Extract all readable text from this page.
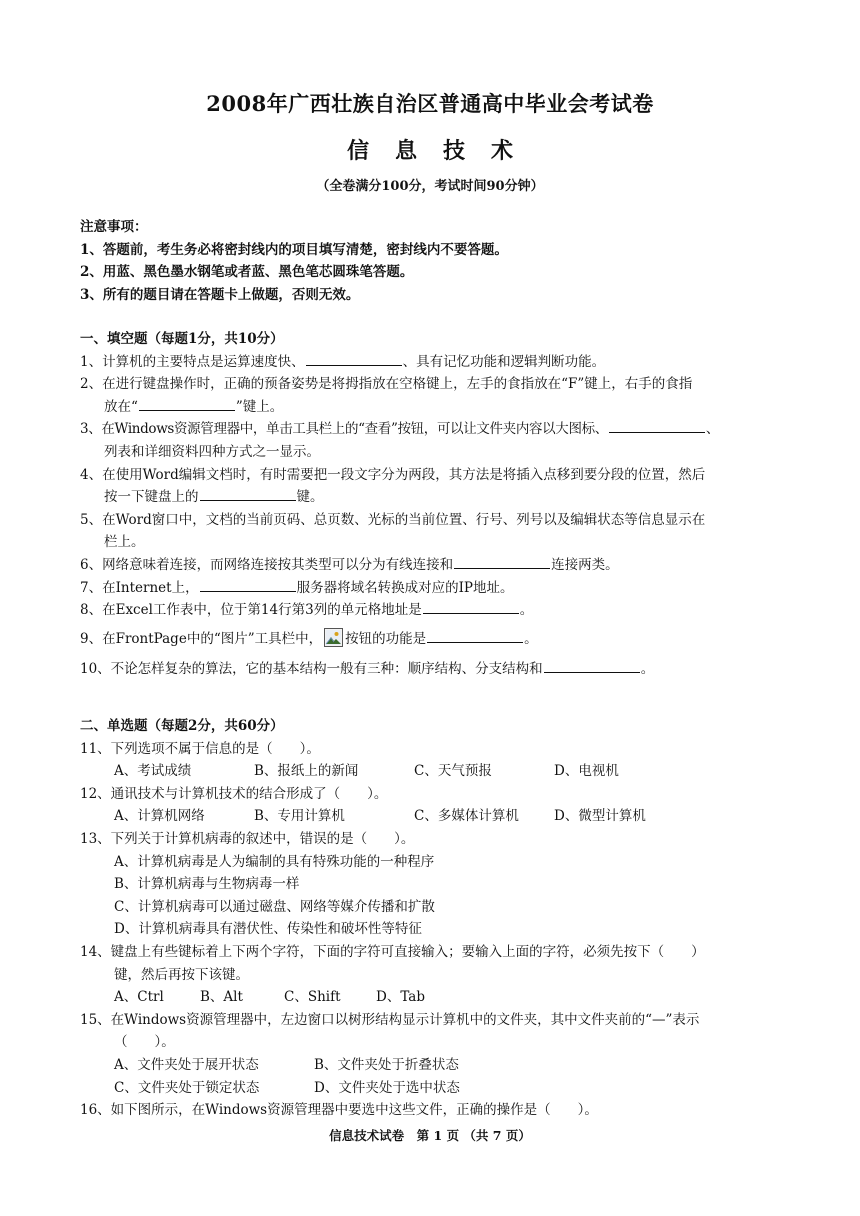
2008年广西壮族自治区普通高中毕业会考试卷
信息技术
（全卷满分100分，考试时间90分钟）
注意事项：
1、答题前，考生务必将密封线内的项目填写清楚，密封线内不要答题。
2、用蓝、黑色墨水钢笔或者蓝、黑色笔芯圆珠笔答题。
3、所有的题目请在答题卡上做题，否则无效。
一、填空题（每题1分，共10分）
1、计算机的主要特点是运算速度快、	、具有记忆功能和逻辑判断功能。
2、在进行键盘操作时，正确的预备姿势是将拇指放在空格键上，左手的食指放在“F”键上，右手的食指
放在“	”键上。
3、在Windows资源管理器中，单击工具栏上的“查看”按钮，可以让文件夹内容以大图标、	、
列表和详细资料四种方式之一显示。
4、在使用Word编辑文档时，有时需要把一段文字分为两段，其方法是将插入点移到要分段的位置，然后
按一下键盘上的	键。
5、在Word窗口中，文档的当前页码、总页数、光标的当前位置、行号、列号以及编辑状态等信息显示在
栏上。
6、网络意味着连接，而网络连接按其类型可以分为有线连接和	连接两类。
7、在Internet上，	服务器将域名转换成对应的IP地址。
8、在Excel工作表中，位于第14行第3列的单元格地址是	。
9、在FrontPage中的“图片”工具栏中， 按钮的功能是	。
10、不论怎样复杂的算法，它的基本结构一般有三种：顺序结构、分支结构和	。
二、单选题（每题2分，共60分）
11、下列选项不属于信息的是（　　）。
A、考试成绩	B、报纸上的新闻	C、天气预报	D、电视机
12、通讯技术与计算机技术的结合形成了（　　）。
A、计算机网络	B、专用计算机	C、多媒体计算机	D、微型计算机
13、下列关于计算机病毒的叙述中，错误的是（　　）。
A、计算机病毒是人为编制的具有特殊功能的一种程序
B、计算机病毒与生物病毒一样
C、计算机病毒可以通过磁盘、网络等媒介传播和扩散
D、计算机病毒具有潜伏性、传染性和破坏性等特征
14、键盘上有些键标着上下两个字符，下面的字符可直接输入；要输入上面的字符，必须先按下（　　）
键，然后再按下该键。
A、Ctrl	B、Alt	C、Shift	D、Tab
15、在Windows资源管理器中，左边窗口以树形结构显示计算机中的文件夹，其中文件夹前的“—”表示
（　　）。
A、文件夹处于展开状态	B、文件夹处于折叠状态
C、文件夹处于锁定状态	D、文件夹处于选中状态
16、如下图所示，在Windows资源管理器中要选中这些文件，正确的操作是（　　）。
信息技术试卷　第 1 页 （共 7 页）
